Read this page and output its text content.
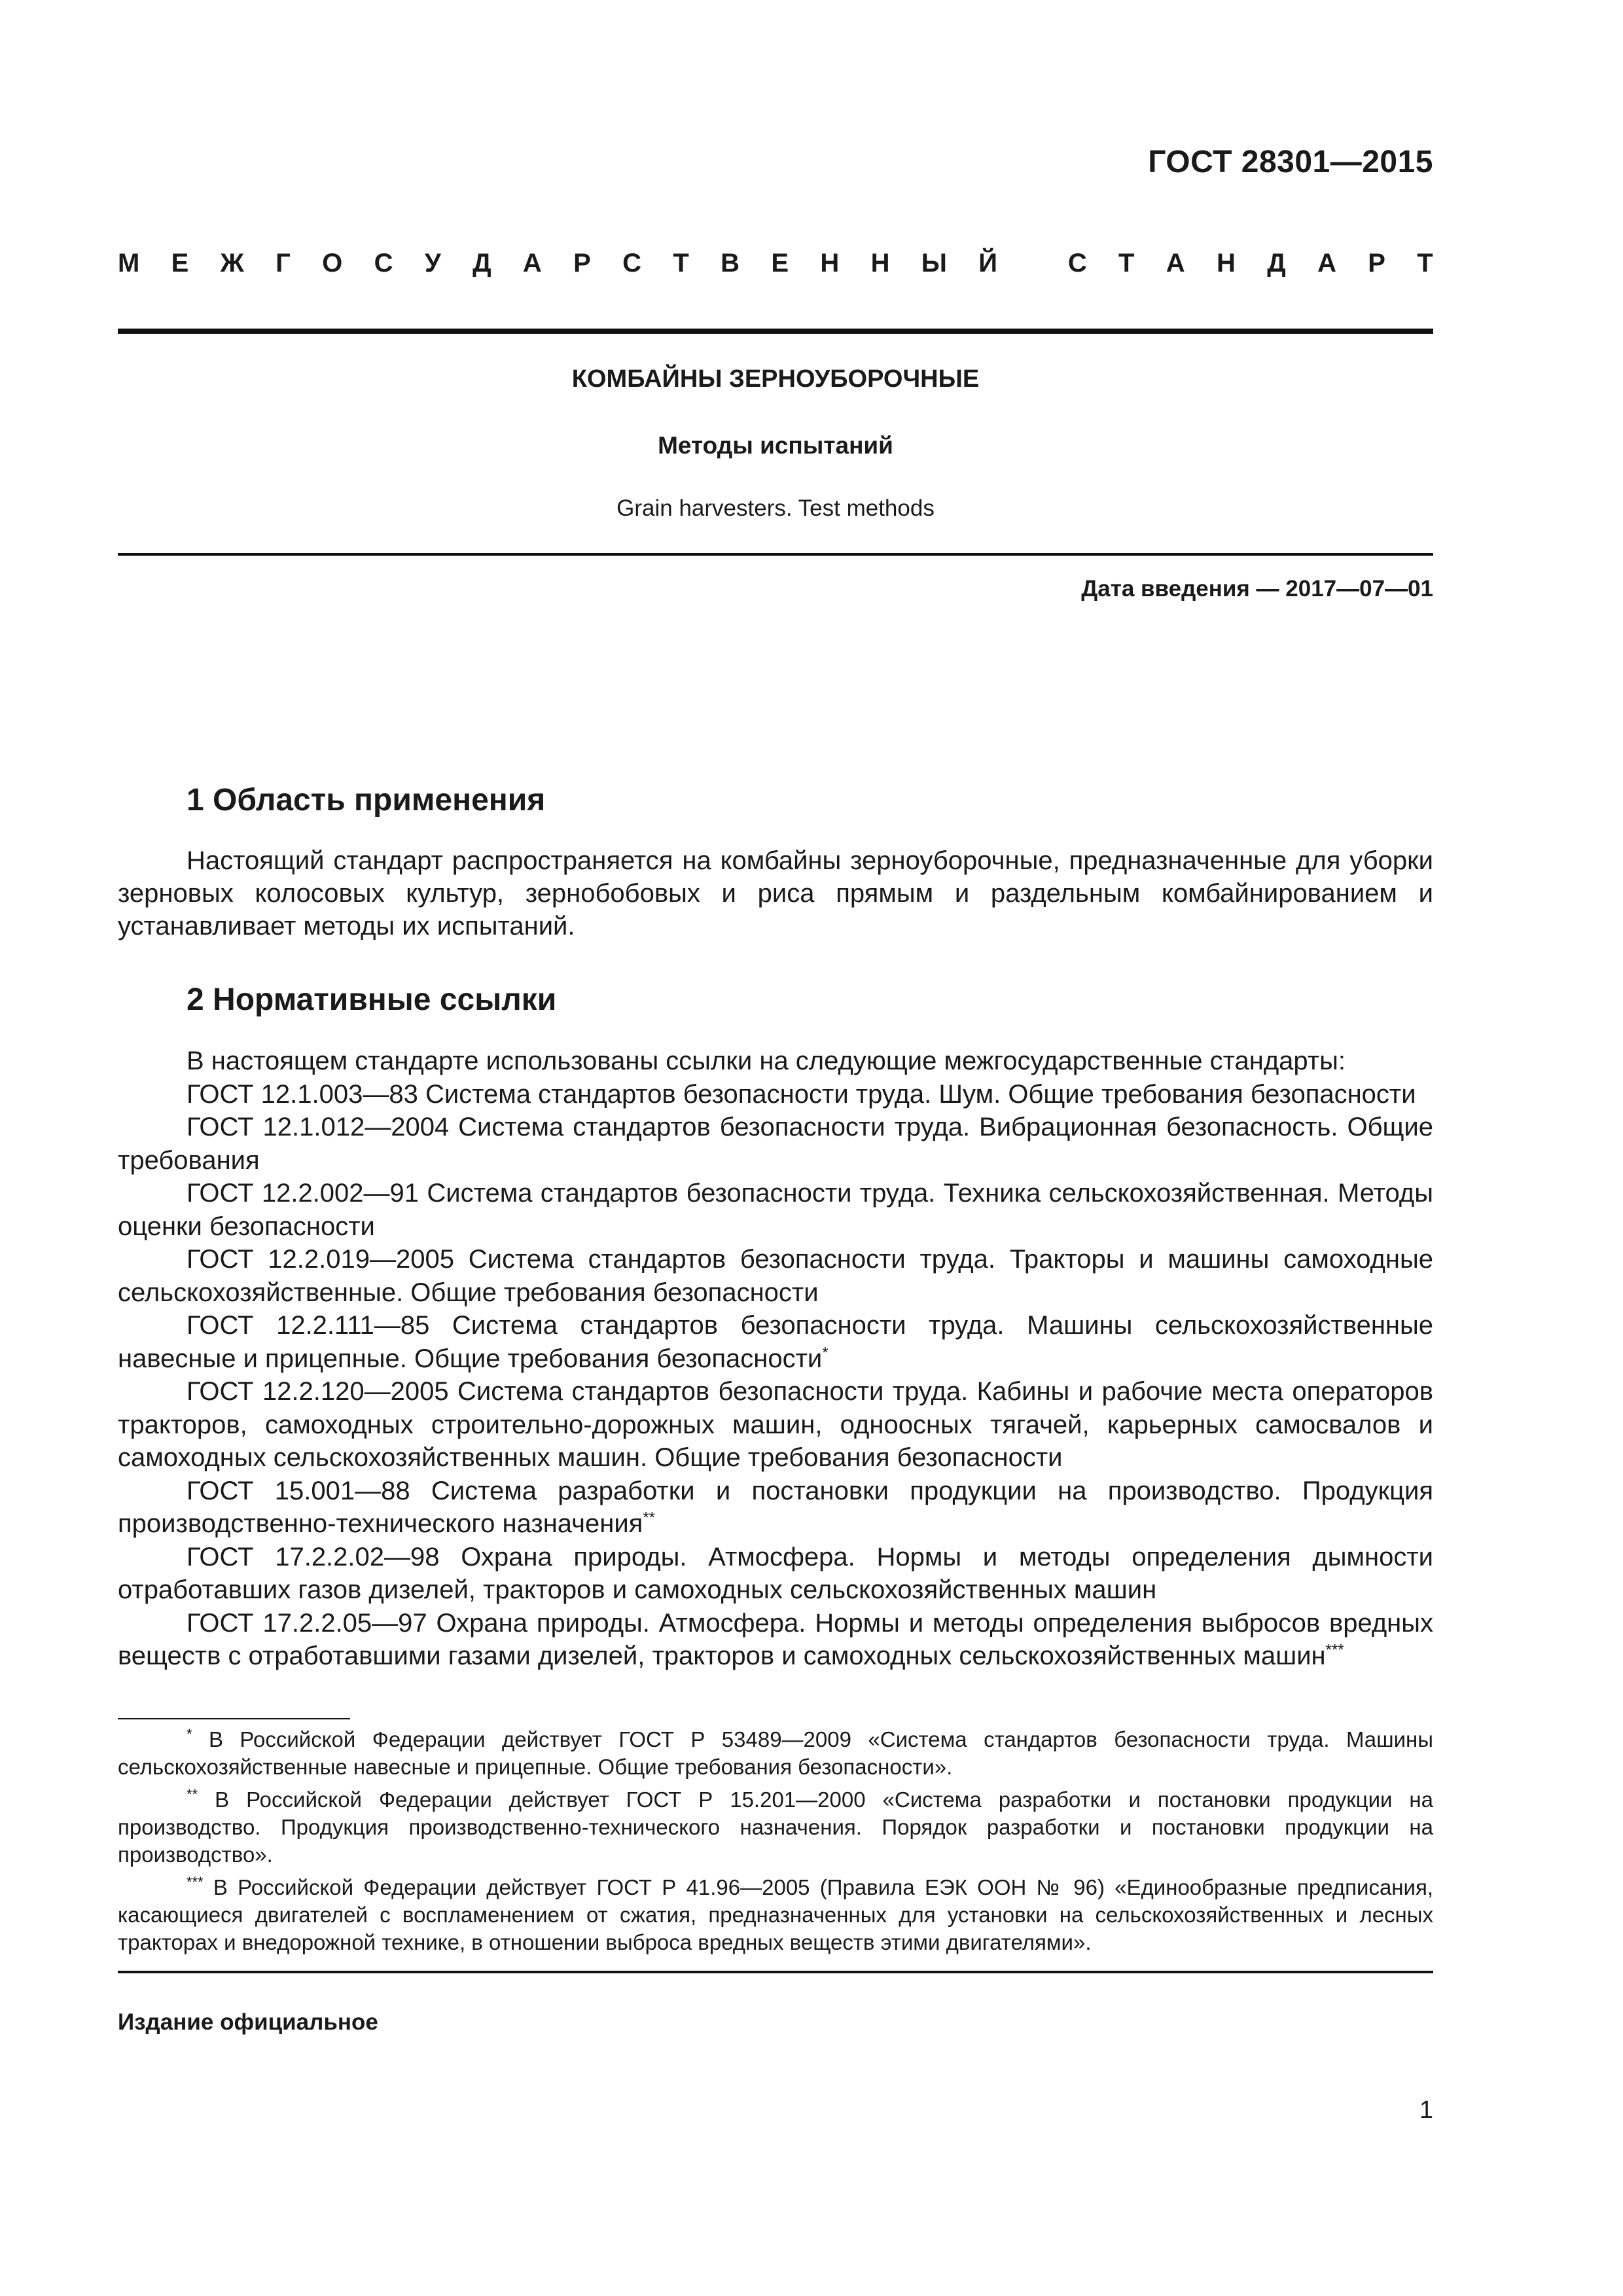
ГОСТ 28301—2015
М Е Ж Г О С У Д А Р С Т В Е Н Н Ы Й
	С Т А Н Д А Р Т
КОМБАЙНЫ ЗЕРНОУБОРОЧНЫЕ
Методы испытаний
Grain harvesters. Test methods
Дата введения — 2017—07—01
1 Область применения

Настоящий стандарт распространяется на комбайны зерноуборочные, предназначенные для уборки зерновых колосовых культур, зернобобовых и риса прямым и раздельным комбайнированием и устанавливает методы их испытаний.

2 Нормативные ссылки

В настоящем стандарте использованы ссылки на следующие межгосударственные стандарты:

ГОСТ 12.1.003—83 Система стандартов безопасности труда. Шум. Общие требования безопасности

ГОСТ 12.1.012—2004 Система стандартов безопасности труда. Вибрационная безопасность. Общие требования

ГОСТ 12.2.002—91 Система стандартов безопасности труда. Техника сельскохозяйственная. Методы оценки безопасности

ГОСТ 12.2.019—2005 Система стандартов безопасности труда. Тракторы и машины самоходные сельскохозяйственные. Общие требования безопасности

ГОСТ 12.2.111—85 Система стандартов безопасности труда. Машины сельскохозяйственные навесные и прицепные. Общие требования безопасности*

ГОСТ 12.2.120—2005 Система стандартов безопасности труда. Кабины и рабочие места операторов тракторов, самоходных строительно-дорожных машин, одноосных тягачей, карьерных самосвалов и самоходных сельскохозяйственных машин. Общие требования безопасности

ГОСТ 15.001—88 Система разработки и постановки продукции на производство. Продукция производственно-технического назначения**

ГОСТ 17.2.2.02—98 Охрана природы. Атмосфера. Нормы и методы определения дымности отработавших газов дизелей, тракторов и самоходных сельскохозяйственных машин

ГОСТ 17.2.2.05—97 Охрана природы. Атмосфера. Нормы и методы определения выбросов вредных веществ с отработавшими газами дизелей, тракторов и самоходных сельскохозяйственных машин***

* В Российской Федерации действует ГОСТ Р 53489—2009 «Система стандартов безопасности труда. Машины сельскохозяйственные навесные и прицепные. Общие требования безопасности».

** В Российской Федерации действует ГОСТ Р 15.201—2000 «Система разработки и постановки продукции на производство. Продукция производственно-технического назначения. Порядок разработки и постановки продукции на производство».

*** В Российской Федерации действует ГОСТ Р 41.96—2005 (Правила ЕЭК ООН № 96) «Единообразные предписания, касающиеся двигателей с воспламенением от сжатия, предназначенных для установки на сельскохозяйственных и лесных тракторах и внедорожной технике, в отношении выброса вредных веществ этими двигателями».

Издание официальное
1
